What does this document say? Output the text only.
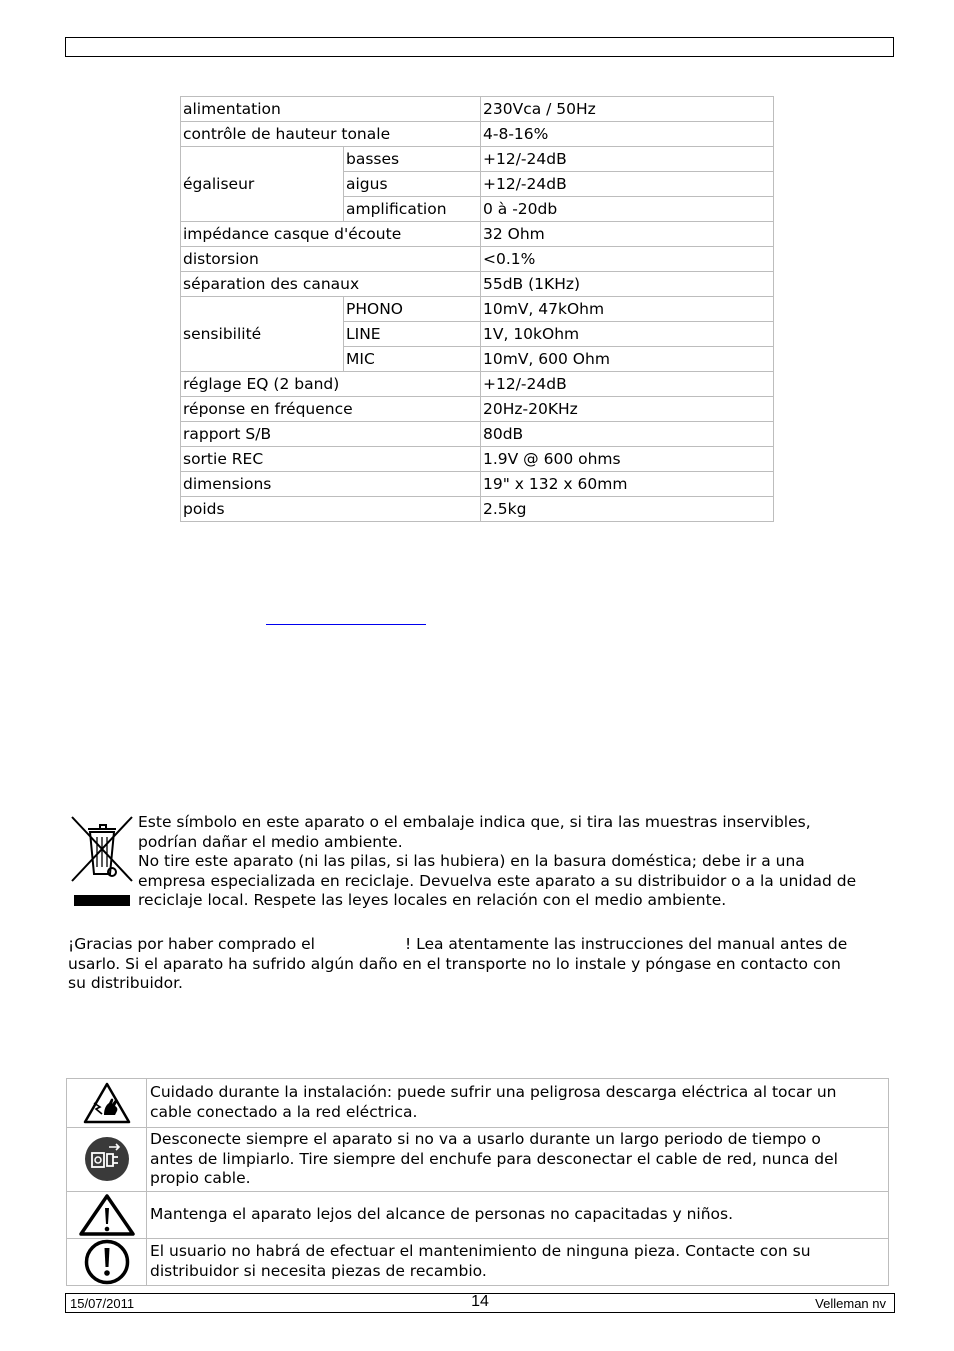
alimentation		230Vca / 50Hz
contrôle de hauteur tonale		4-8-16%
égaliseur	basses	+12/-24dB
	aigus	+12/-24dB
	amplification	0 à -20db
impédance casque d'écoute		32 Ohm
distorsion		<0.1%
séparation des canaux		55dB (1KHz)
sensibilité	PHONO	10mV, 47kOhm
	LINE	1V, 10kOhm
	MIC	10mV, 600 Ohm
réglage EQ (2 band)		+12/-24dB
réponse en fréquence		20Hz-20KHz
rapport S/B		80dB
sortie REC		1.9V @ 600 ohms
dimensions		19" x 132 x 60mm
poids		2.5kg
Este símbolo en este aparato o el embalaje indica que, si tira las muestras inservibles,
podrían dañar el medio ambiente.
No tire este aparato (ni las pilas, si las hubiera) en la basura doméstica; debe ir a una
empresa especializada en reciclaje. Devuelva este aparato a su distribuidor o a la unidad de
reciclaje local. Respete las leyes locales en relación con el medio ambiente.
¡Gracias por haber comprado el	! Lea atentamente las instrucciones del manual antes de
usarlo. Si el aparato ha sufrido algún daño en el transporte no lo instale y póngase en contacto con
su distribuidor.

Cuidado durante la instalación: puede sufrir una peligrosa descarga eléctrica al tocar un
cable conectado a la red eléctrica.

Desconecte siempre el aparato si no va a usarlo durante un largo periodo de tiempo o
antes de limpiarlo. Tire siempre del enchufe para desconectar el cable de red, nunca del
propio cable.

Mantenga el aparato lejos del alcance de personas no capacitadas y niños.

El usuario no habrá de efectuar el mantenimiento de ninguna pieza. Contacte con su
distribuidor si necesita piezas de recambio.
15/07/2011	14	Velleman nv
